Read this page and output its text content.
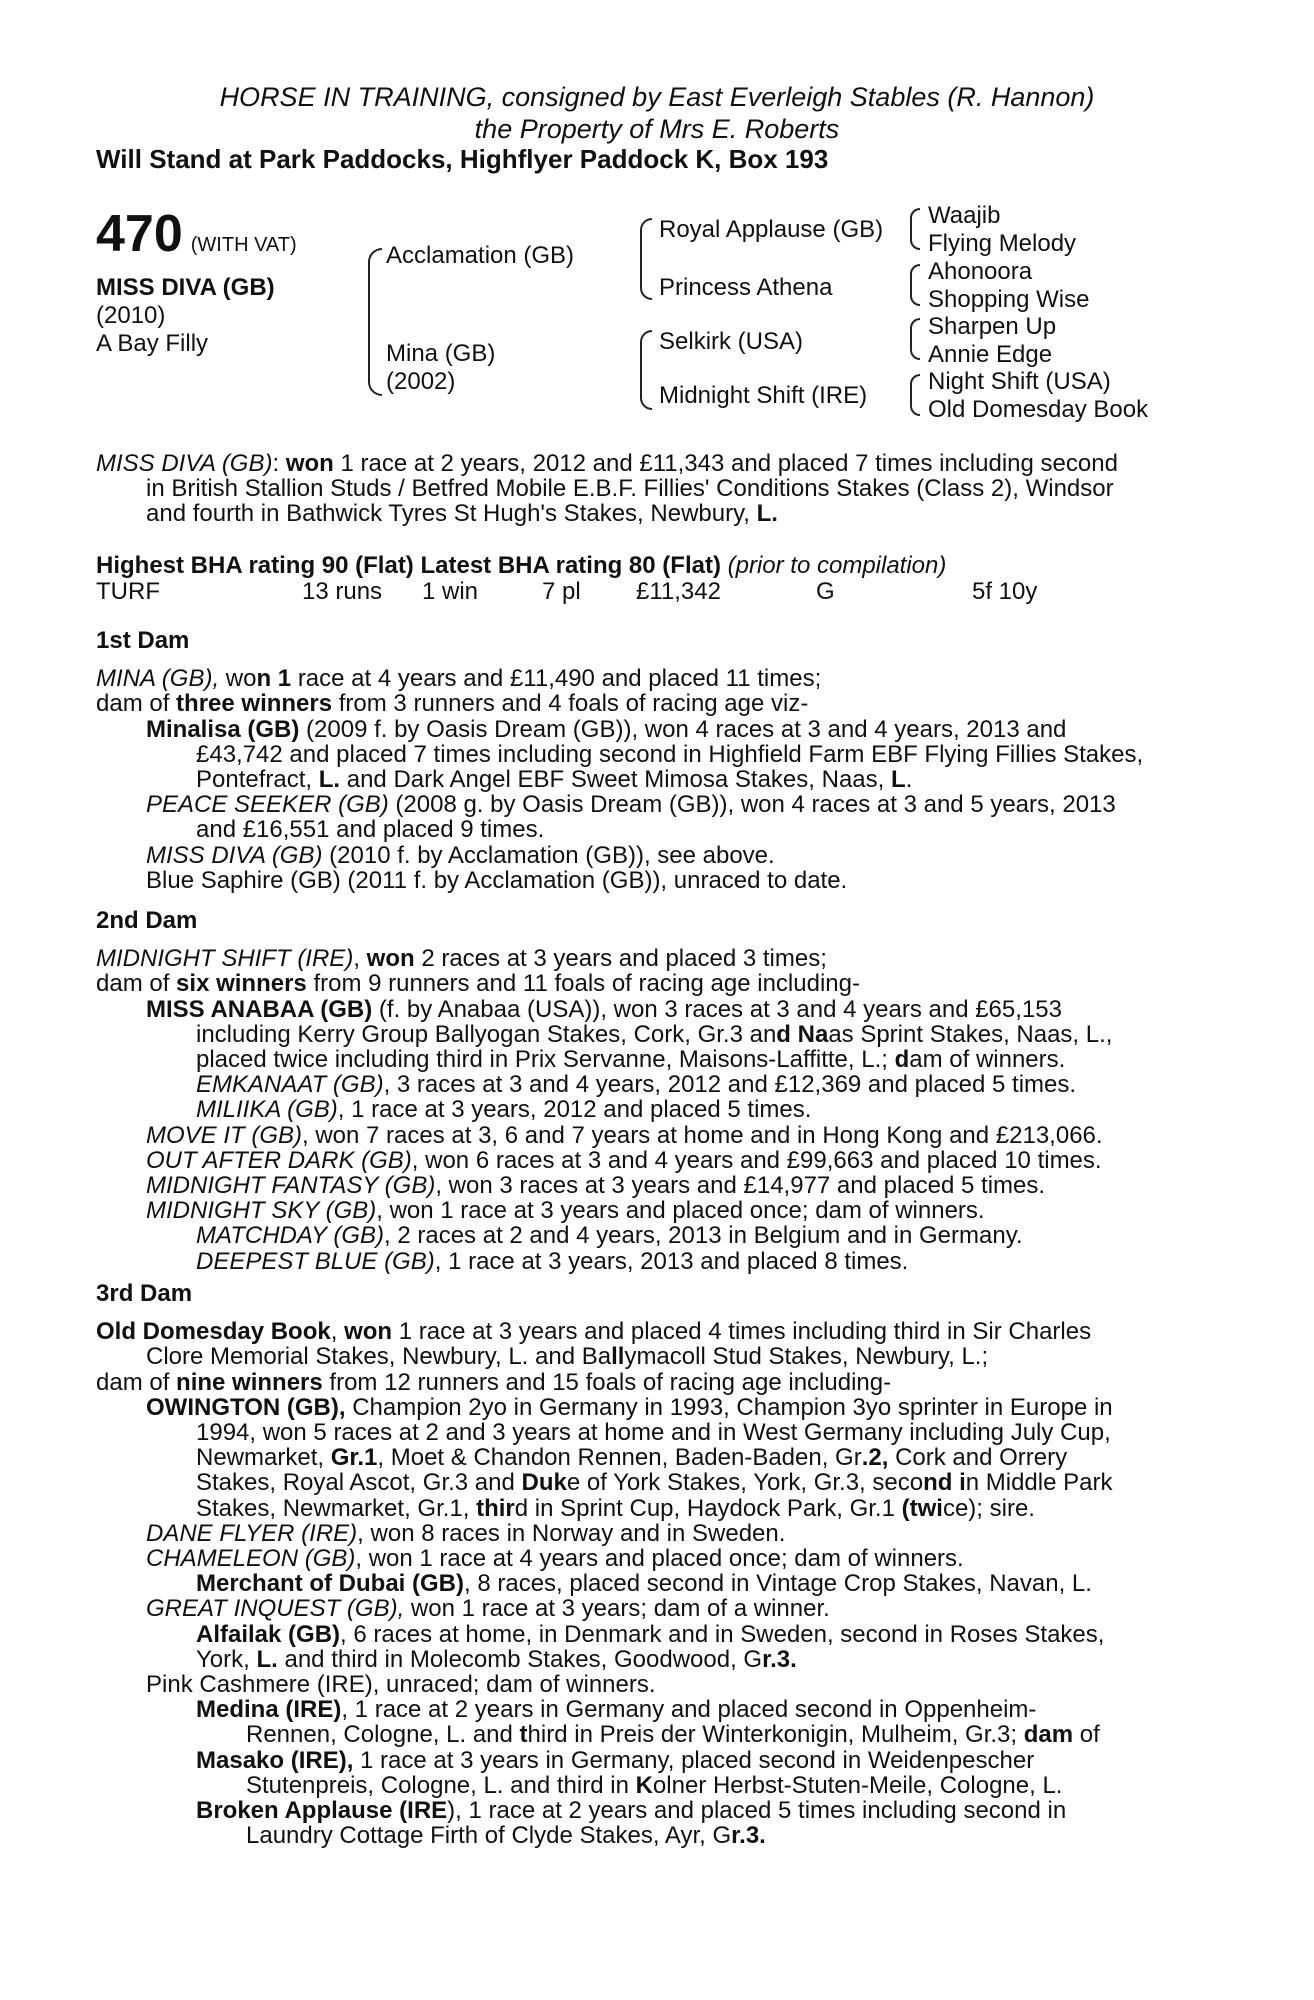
HORSE IN TRAINING, consigned by East Everleigh Stables (R. Hannon)
the Property of Mrs E. Roberts
Will Stand at Park Paddocks, Highflyer Paddock K, Box 193
470 (WITH VAT)
MISS DIVA (GB)
(2010)
A Bay Filly
Acclamation (GB)
Mina (GB)
(2002)
Royal Applause (GB)
Princess Athena
Selkirk (USA)
Midnight Shift (IRE)
Waajib
Flying Melody
Ahonoora
Shopping Wise
Sharpen Up
Annie Edge
Night Shift (USA)
Old Domesday Book
MISS DIVA (GB): won 1 race at 2 years, 2012 and £11,343 and placed 7 times including second
in British Stallion Studs / Betfred Mobile E.B.F. Fillies' Conditions Stakes (Class 2), Windsor
and fourth in Bathwick Tyres St Hugh's Stakes, Newbury, L.
Highest BHA rating 90 (Flat) Latest BHA rating 80 (Flat) (prior to compilation)
TURF	13 runs 1 win	7 pl £11,342	G	5f 10y
1st Dam
MINA (GB), won 1 race at 4 years and £11,490 and placed 11 times;
dam of three winners from 3 runners and 4 foals of racing age viz-
Minalisa (GB) (2009 f. by Oasis Dream (GB)), won 4 races at 3 and 4 years, 2013 and
£43,742 and placed 7 times including second in Highfield Farm EBF Flying Fillies Stakes,
Pontefract, L. and Dark Angel EBF Sweet Mimosa Stakes, Naas, L.
PEACE SEEKER (GB) (2008 g. by Oasis Dream (GB)), won 4 races at 3 and 5 years, 2013
and £16,551 and placed 9 times.
MISS DIVA (GB) (2010 f. by Acclamation (GB)), see above.
Blue Saphire (GB) (2011 f. by Acclamation (GB)), unraced to date.
2nd Dam
MIDNIGHT SHIFT (IRE), won 2 races at 3 years and placed 3 times;
dam of six winners from 9 runners and 11 foals of racing age including-
MISS ANABAA (GB) (f. by Anabaa (USA)), won 3 races at 3 and 4 years and £65,153
including Kerry Group Ballyogan Stakes, Cork, Gr.3 and Naas Sprint Stakes, Naas, L.,
placed twice including third in Prix Servanne, Maisons-Laffitte, L.; dam of winners.
EMKANAAT (GB), 3 races at 3 and 4 years, 2012 and £12,369 and placed 5 times.
MILIIKA (GB), 1 race at 3 years, 2012 and placed 5 times.
MOVE IT (GB), won 7 races at 3, 6 and 7 years at home and in Hong Kong and £213,066.
OUT AFTER DARK (GB), won 6 races at 3 and 4 years and £99,663 and placed 10 times.
MIDNIGHT FANTASY (GB), won 3 races at 3 years and £14,977 and placed 5 times.
MIDNIGHT SKY (GB), won 1 race at 3 years and placed once; dam of winners.
MATCHDAY (GB), 2 races at 2 and 4 years, 2013 in Belgium and in Germany.
DEEPEST BLUE (GB), 1 race at 3 years, 2013 and placed 8 times.
3rd Dam
Old Domesday Book, won 1 race at 3 years and placed 4 times including third in Sir Charles
Clore Memorial Stakes, Newbury, L. and Ballymacoll Stud Stakes, Newbury, L.;
dam of nine winners from 12 runners and 15 foals of racing age including-
OWINGTON (GB), Champion 2yo in Germany in 1993, Champion 3yo sprinter in Europe in
1994, won 5 races at 2 and 3 years at home and in West Germany including July Cup,
Newmarket, Gr.1, Moet & Chandon Rennen, Baden-Baden, Gr.2, Cork and Orrery
Stakes, Royal Ascot, Gr.3 and Duke of York Stakes, York, Gr.3, second in Middle Park
Stakes, Newmarket, Gr.1, third in Sprint Cup, Haydock Park, Gr.1 (twice); sire.
DANE FLYER (IRE), won 8 races in Norway and in Sweden.
CHAMELEON (GB), won 1 race at 4 years and placed once; dam of winners.
Merchant of Dubai (GB), 8 races, placed second in Vintage Crop Stakes, Navan, L.
GREAT INQUEST (GB), won 1 race at 3 years; dam of a winner.
Alfailak (GB), 6 races at home, in Denmark and in Sweden, second in Roses Stakes,
York, L. and third in Molecomb Stakes, Goodwood, Gr.3.
Pink Cashmere (IRE), unraced; dam of winners.
Medina (IRE), 1 race at 2 years in Germany and placed second in Oppenheim-
Rennen, Cologne, L. and third in Preis der Winterkonigin, Mulheim, Gr.3; dam of
Masako (IRE), 1 race at 3 years in Germany, placed second in Weidenpescher
Stutenpreis, Cologne, L. and third in Kolner Herbst-Stuten-Meile, Cologne, L.
Broken Applause (IRE), 1 race at 2 years and placed 5 times including second in
Laundry Cottage Firth of Clyde Stakes, Ayr, Gr.3.
